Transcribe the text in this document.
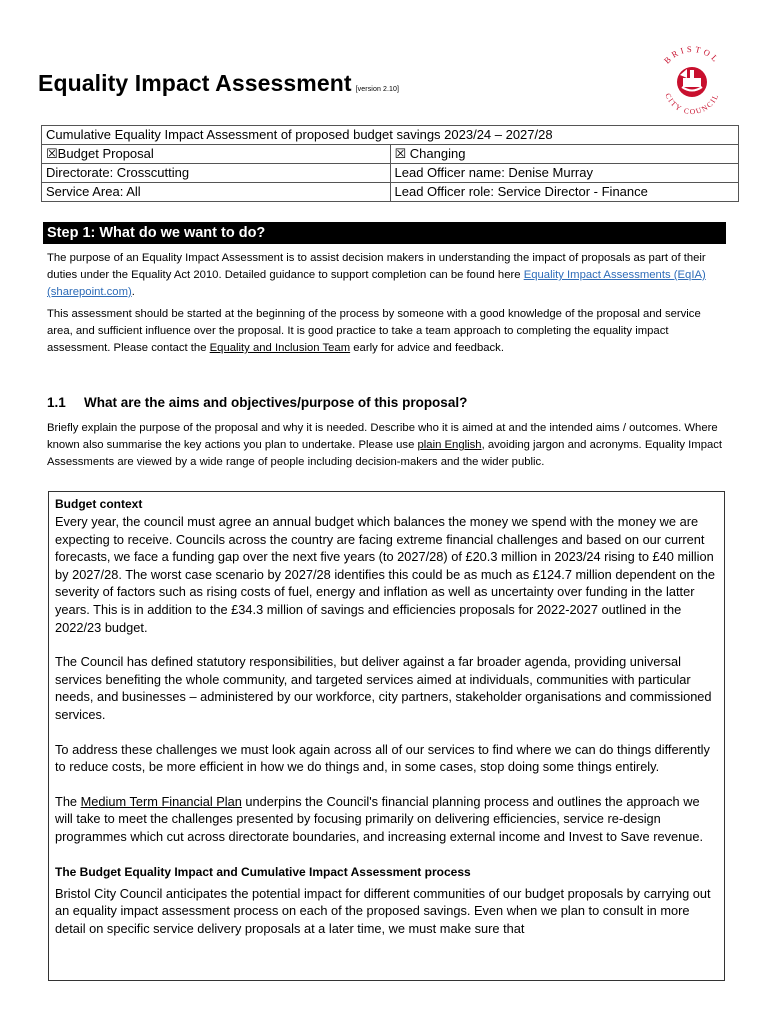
Equality Impact Assessment [version 2.10]
BRISTOL
CITY COUNCIL
Cumulative Equality Impact Assessment of proposed budget savings 2023/24 – 2027/28	
☒Budget Proposal	☒ Changing
Directorate: Crosscutting	Lead Officer name: Denise Murray
Service Area: All	Lead Officer role: Service Director - Finance
Step 1: What do we want to do?

The purpose of an Equality Impact Assessment is to assist decision makers in understanding the impact of proposals as part of their duties under the Equality Act 2010. Detailed guidance to support completion can be found here Equality Impact Assessments (EqIA) (sharepoint.com).

This assessment should be started at the beginning of the process by someone with a good knowledge of the proposal and service area, and sufficient influence over the proposal. It is good practice to take a team approach to completing the equality impact assessment. Please contact the Equality and Inclusion Team early for advice and feedback.

1.1 What are the aims and objectives/purpose of this proposal?

Briefly explain the purpose of the proposal and why it is needed. Describe who it is aimed at and the intended aims / outcomes. Where known also summarise the key actions you plan to undertake. Please use plain English, avoiding jargon and acronyms. Equality Impact Assessments are viewed by a wide range of people including decision-makers and the wider public.

Budget context

Every year, the council must agree an annual budget which balances the money we spend with the money we are expecting to receive. Councils across the country are facing extreme financial challenges and based on our current forecasts, we face a funding gap over the next five years (to 2027/28) of £20.3 million in 2023/24 rising to £40 million by 2027/28. The worst case scenario by 2027/28 identifies this could be as much as £124.7 million dependent on the severity of factors such as rising costs of fuel, energy and inflation as well as uncertainty over funding in the latter years. This is in addition to the £34.3 million of savings and efficiencies proposals for 2022-2027 outlined in the 2022/23 budget.

The Council has defined statutory responsibilities, but deliver against a far broader agenda, providing universal services benefiting the whole community, and targeted services aimed at individuals, communities with particular needs, and businesses – administered by our workforce, city partners, stakeholder organisations and commissioned services.

To address these challenges we must look again across all of our services to find where we can do things differently to reduce costs, be more efficient in how we do things and, in some cases, stop doing some things entirely.

The Medium Term Financial Plan underpins the Council's financial planning process and outlines the approach we will take to meet the challenges presented by focusing primarily on delivering efficiencies, service re-design programmes which cut across directorate boundaries, and increasing external income and Invest to Save revenue.

The Budget Equality Impact and Cumulative Impact Assessment process

Bristol City Council anticipates the potential impact for different communities of our budget proposals by carrying out an equality impact assessment process on each of the proposed savings. Even when we plan to consult in more detail on specific service delivery proposals at a later time, we must make sure that
